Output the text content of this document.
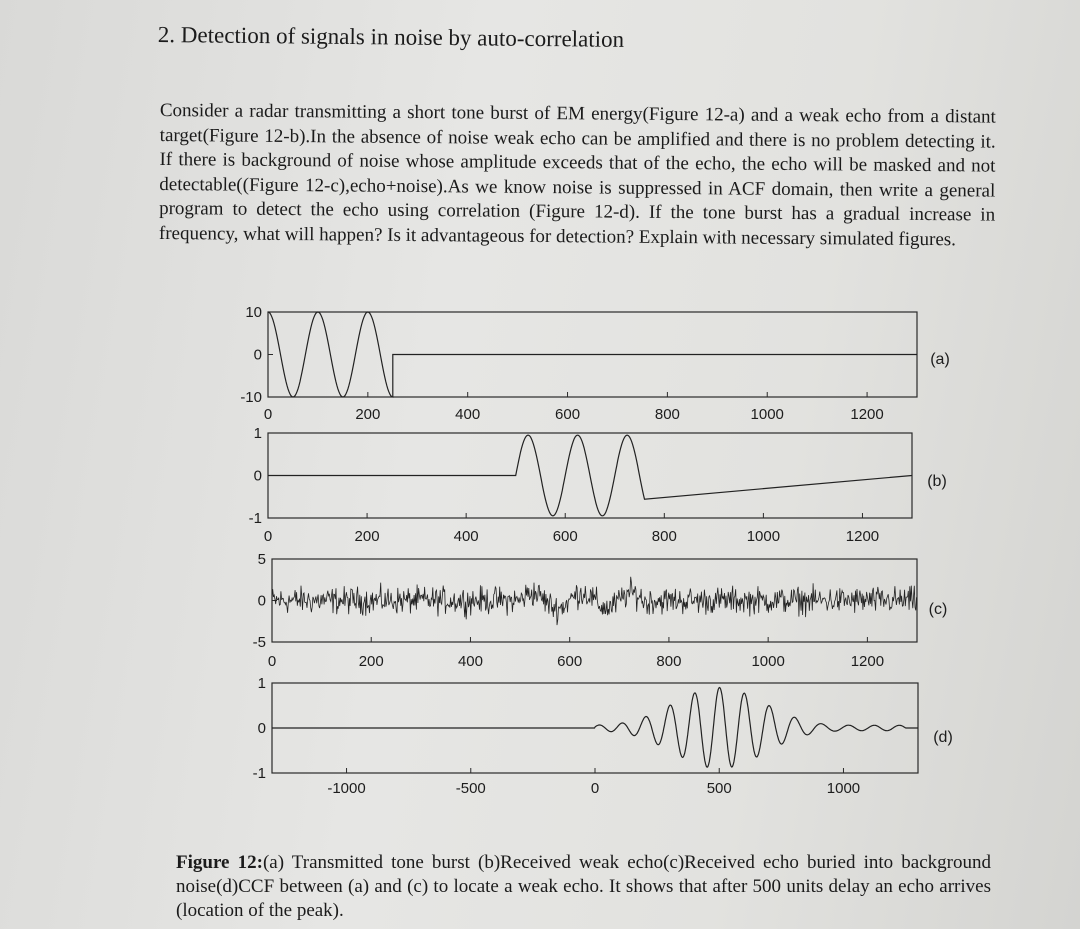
2. Detection of signals in noise by auto-correlation

Consider a radar transmitting a short tone burst of EM energy(Figure 12-a) and a weak echo from a distant target(Figure 12-b).In the absence of noise weak echo can be amplified and there is no problem detecting it. If there is background of noise whose amplitude exceeds that of the echo, the echo will be masked and not detectable((Figure 12-c),echo+noise).As we know noise is suppressed in ACF domain, then write a general program to detect the echo using correlation (Figure 12-d). If the tone burst has a gradual increase in frequency, what will happen? Is it advantageous for detection? Explain with necessary simulated figures.

10
0
-10
0	200	400	600	800	1000	1200
(a)
1
0
-1
0	200	400	600	800	1000	1200
(b)
5
0
-5
0	200	400	600	800	1000	1200
(c)
1
0
-1
-1000	-500	0	500	1000
(d)

Figure 12:(a) Transmitted tone burst (b)Received weak echo(c)Received echo buried into background noise(d)CCF between (a) and (c) to locate a weak echo. It shows that after 500 units delay an echo arrives (location of the peak).
